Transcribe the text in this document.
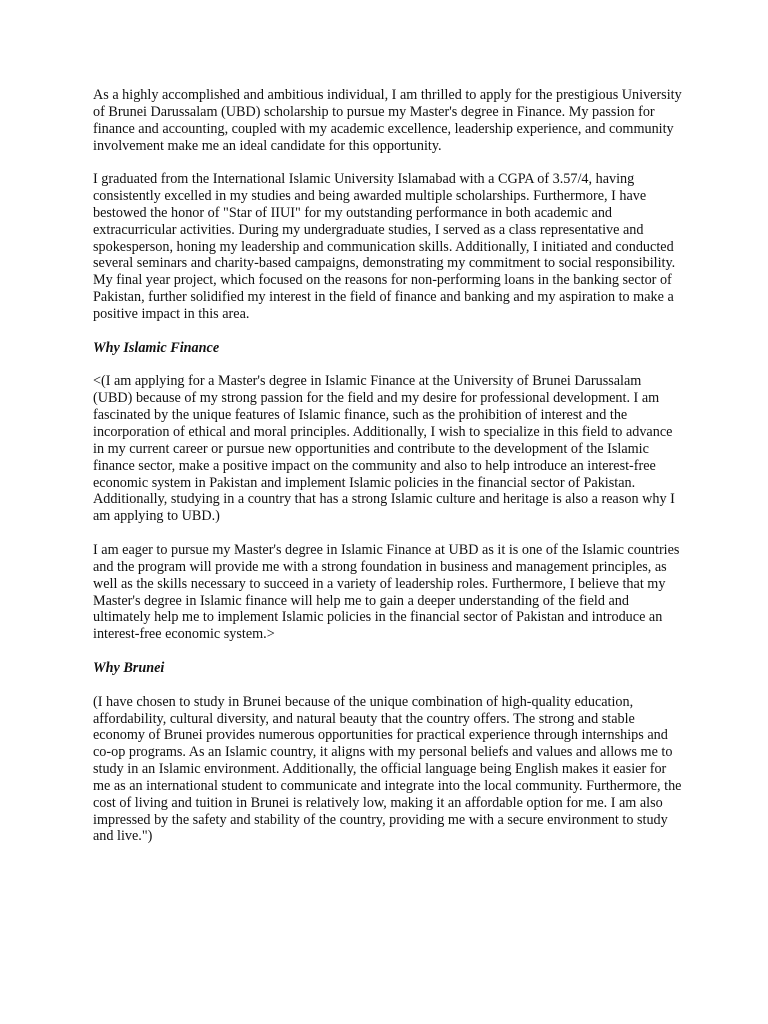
As a highly accomplished and ambitious individual, I am thrilled to apply for the prestigious University of Brunei Darussalam (UBD) scholarship to pursue my Master's degree in Finance. My passion for finance and accounting, coupled with my academic excellence, leadership experience, and community involvement make me an ideal candidate for this opportunity.

I graduated from the International Islamic University Islamabad with a CGPA of 3.57/4, having consistently excelled in my studies and being awarded multiple scholarships. Furthermore, I have bestowed the honor of "Star of IIUI" for my outstanding performance in both academic and extracurricular activities. During my undergraduate studies, I served as a class representative and spokesperson, honing my leadership and communication skills. Additionally, I initiated and conducted several seminars and charity-based campaigns, demonstrating my commitment to social responsibility. My final year project, which focused on the reasons for non-performing loans in the banking sector of Pakistan, further solidified my interest in the field of finance and banking and my aspiration to make a positive impact in this area.

Why Islamic Finance

<(I am applying for a Master's degree in Islamic Finance at the University of Brunei Darussalam (UBD) because of my strong passion for the field and my desire for professional development. I am fascinated by the unique features of Islamic finance, such as the prohibition of interest and the incorporation of ethical and moral principles. Additionally, I wish to specialize in this field to advance in my current career or pursue new opportunities and contribute to the development of the Islamic finance sector, make a positive impact on the community and also to help introduce an interest-free economic system in Pakistan and implement Islamic policies in the financial sector of Pakistan. Additionally, studying in a country that has a strong Islamic culture and heritage is also a reason why I am applying to UBD.)

I am eager to pursue my Master's degree in Islamic Finance at UBD as it is one of the Islamic countries and the program will provide me with a strong foundation in business and management principles, as well as the skills necessary to succeed in a variety of leadership roles. Furthermore, I believe that my Master's degree in Islamic finance will help me to gain a deeper understanding of the field and ultimately help me to implement Islamic policies in the financial sector of Pakistan and introduce an interest-free economic system.>

Why Brunei

(I have chosen to study in Brunei because of the unique combination of high-quality education, affordability, cultural diversity, and natural beauty that the country offers. The strong and stable economy of Brunei provides numerous opportunities for practical experience through internships and co-op programs. As an Islamic country, it aligns with my personal beliefs and values and allows me to study in an Islamic environment. Additionally, the official language being English makes it easier for me as an international student to communicate and integrate into the local community. Furthermore, the cost of living and tuition in Brunei is relatively low, making it an affordable option for me. I am also impressed by the safety and stability of the country, providing me with a secure environment to study and live.")
